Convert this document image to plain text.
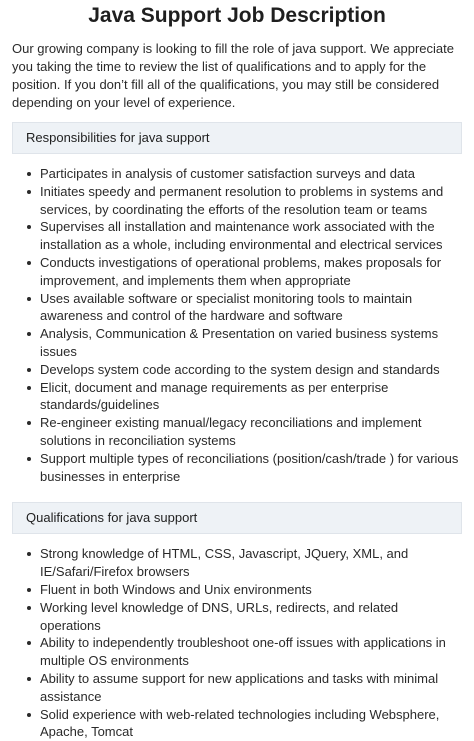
Java Support Job Description

Our growing company is looking to fill the role of java support. We appreciate you taking the time to review the list of qualifications and to apply for the position. If you don’t fill all of the qualifications, you may still be considered depending on your level of experience.

Responsibilities for java support
Participates in analysis of customer satisfaction surveys and data
Initiates speedy and permanent resolution to problems in systems and services, by coordinating the efforts of the resolution team or teams
Supervises all installation and maintenance work associated with the installation as a whole, including environmental and electrical services
Conducts investigations of operational problems, makes proposals for improvement, and implements them when appropriate
Uses available software or specialist monitoring tools to maintain awareness and control of the hardware and software
Analysis, Communication & Presentation on varied business systems issues
Develops system code according to the system design and standards
Elicit, document and manage requirements as per enterprise standards/guidelines
Re-engineer existing manual/legacy reconciliations and implement solutions in reconciliation systems
Support multiple types of reconciliations (position/cash/trade ) for various businesses in enterprise
Qualifications for java support
Strong knowledge of HTML, CSS, Javascript, JQuery, XML, and IE/Safari/Firefox browsers
Fluent in both Windows and Unix environments
Working level knowledge of DNS, URLs, redirects, and related operations
Ability to independently troubleshoot one-off issues with applications in multiple OS environments
Ability to assume support for new applications and tasks with minimal assistance
Solid experience with web-related technologies including Websphere, Apache, Tomcat
